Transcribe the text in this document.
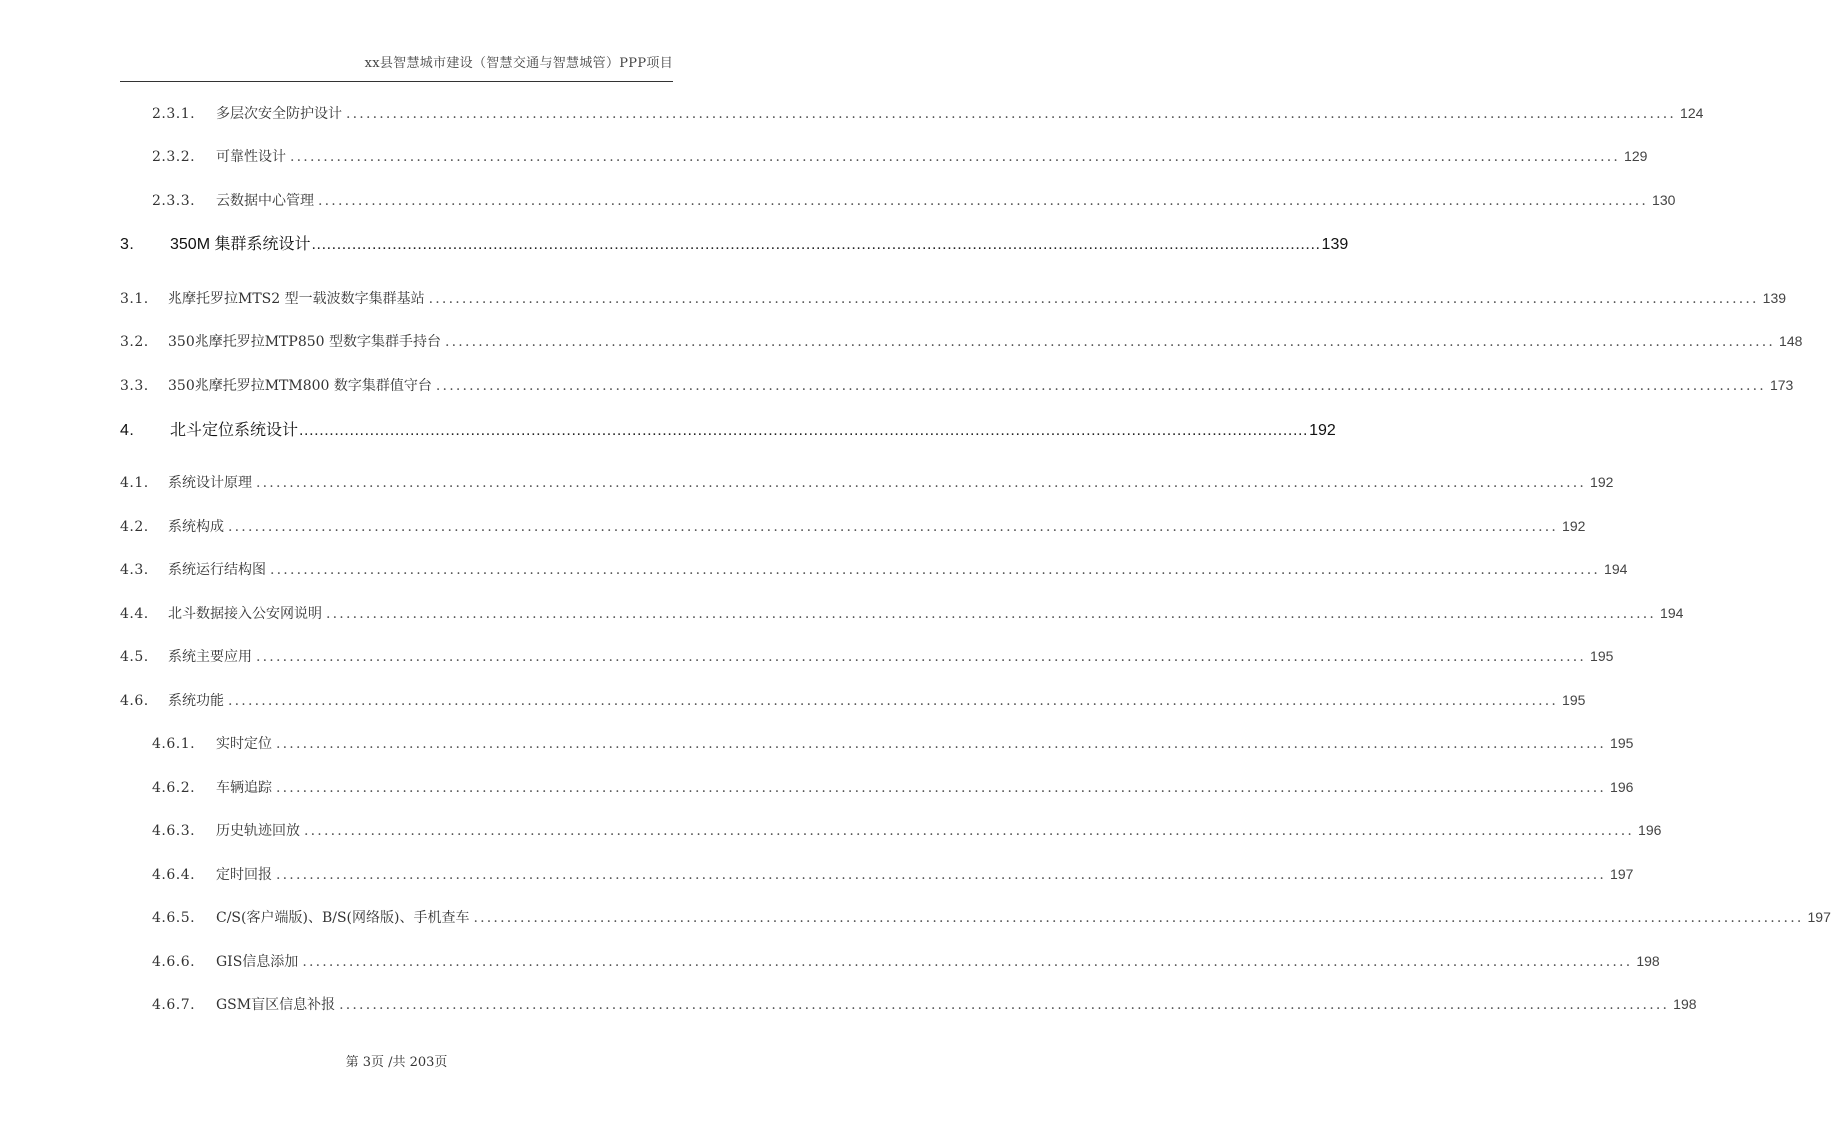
xx县智慧城市建设（智慧交通与智慧城管）PPP项目
2.3.1.	多层次安全防护设计 ........................................................................................................................................................................................................ 124
2.3.2.	可靠性设计 ........................................................................................................................................................................................................ 129
2.3.3.	云数据中心管理 ........................................................................................................................................................................................................ 130
3.	350M 集群系统设计 ........................................................................................................................................................................................................ 139
3.1.	兆摩托罗拉MTS2 型一载波数字集群基站 ........................................................................................................................................................................................................ 139
3.2.	350兆摩托罗拉MTP850 型数字集群手持台 ........................................................................................................................................................................................................ 148
3.3.	350兆摩托罗拉MTM800 数字集群值守台 ........................................................................................................................................................................................................ 173
4.	北斗定位系统设计 ........................................................................................................................................................................................................ 192
4.1.	系统设计原理 ........................................................................................................................................................................................................ 192
4.2.	系统构成 ........................................................................................................................................................................................................ 192
4.3.	系统运行结构图 ........................................................................................................................................................................................................ 194
4.4.	北斗数据接入公安网说明 ........................................................................................................................................................................................................ 194
4.5.	系统主要应用 ........................................................................................................................................................................................................ 195
4.6.	系统功能 ........................................................................................................................................................................................................ 195
4.6.1.	实时定位 ........................................................................................................................................................................................................ 195
4.6.2.	车辆追踪 ........................................................................................................................................................................................................ 196
4.6.3.	历史轨迹回放 ........................................................................................................................................................................................................ 196
4.6.4.	定时回报 ........................................................................................................................................................................................................ 197
4.6.5.	C/S(客户端版)、B/S(网络版)、手机查车 ........................................................................................................................................................................................................ 197
4.6.6.	GIS信息添加 ........................................................................................................................................................................................................ 198
4.6.7.	GSM盲区信息补报 ........................................................................................................................................................................................................ 198
第 3页 /共 203页
